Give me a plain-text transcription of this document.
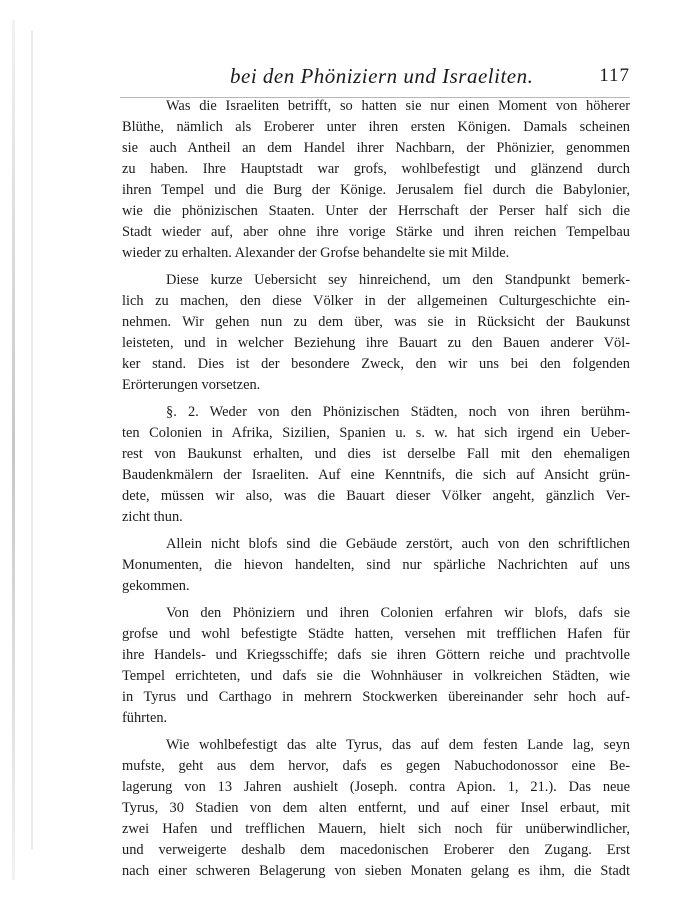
bei den Phöniziern und Israeliten.	117
Was die Israeliten betrifft, so hatten sie nur einen Moment von höherer
Blüthe, nämlich als Eroberer unter ihren ersten Königen. Damals scheinen
sie auch Antheil an dem Handel ihrer Nachbarn, der Phönizier, genommen
zu haben. Ihre Hauptstadt war grofs, wohlbefestigt und glänzend durch
ihren Tempel und die Burg der Könige. Jerusalem fiel durch die Babylonier,
wie die phönizischen Staaten. Unter der Herrschaft der Perser half sich die
Stadt wieder auf, aber ohne ihre vorige Stärke und ihren reichen Tempelbau
wieder zu erhalten. Alexander der Grofse behandelte sie mit Milde.
Diese kurze Uebersicht sey hinreichend, um den Standpunkt bemerk-
lich zu machen, den diese Völker in der allgemeinen Culturgeschichte ein-
nehmen. Wir gehen nun zu dem über, was sie in Rücksicht der Baukunst
leisteten, und in welcher Beziehung ihre Bauart zu den Bauen anderer Völ-
ker stand. Dies ist der besondere Zweck, den wir uns bei den folgenden
Erörterungen vorsetzen.
§. 2. Weder von den Phönizischen Städten, noch von ihren berühm-
ten Colonien in Afrika, Sizilien, Spanien u. s. w. hat sich irgend ein Ueber-
rest von Baukunst erhalten, und dies ist derselbe Fall mit den ehemaligen
Baudenkmälern der Israeliten. Auf eine Kenntnifs, die sich auf Ansicht grün-
dete, müssen wir also, was die Bauart dieser Völker angeht, gänzlich Ver-
zicht thun.
Allein nicht blofs sind die Gebäude zerstört, auch von den schriftlichen
Monumenten, die hievon handelten, sind nur spärliche Nachrichten auf uns
gekommen.
Von den Phöniziern und ihren Colonien erfahren wir blofs, dafs sie
grofse und wohl befestigte Städte hatten, versehen mit trefflichen Hafen für
ihre Handels- und Kriegsschiffe; dafs sie ihren Göttern reiche und prachtvolle
Tempel errichteten, und dafs sie die Wohnhäuser in volkreichen Städten, wie
in Tyrus und Carthago in mehrern Stockwerken übereinander sehr hoch auf-
führten.
Wie wohlbefestigt das alte Tyrus, das auf dem festen Lande lag, seyn
mufste, geht aus dem hervor, dafs es gegen Nabuchodonossor eine Be-
lagerung von 13 Jahren aushielt (Joseph. contra Apion. 1, 21.). Das neue
Tyrus, 30 Stadien von dem alten entfernt, und auf einer Insel erbaut, mit
zwei Hafen und trefflichen Mauern, hielt sich noch für unüberwindlicher,
und verweigerte deshalb dem macedonischen Eroberer den Zugang. Erst
nach einer schweren Belagerung von sieben Monaten gelang es ihm, die Stadt
